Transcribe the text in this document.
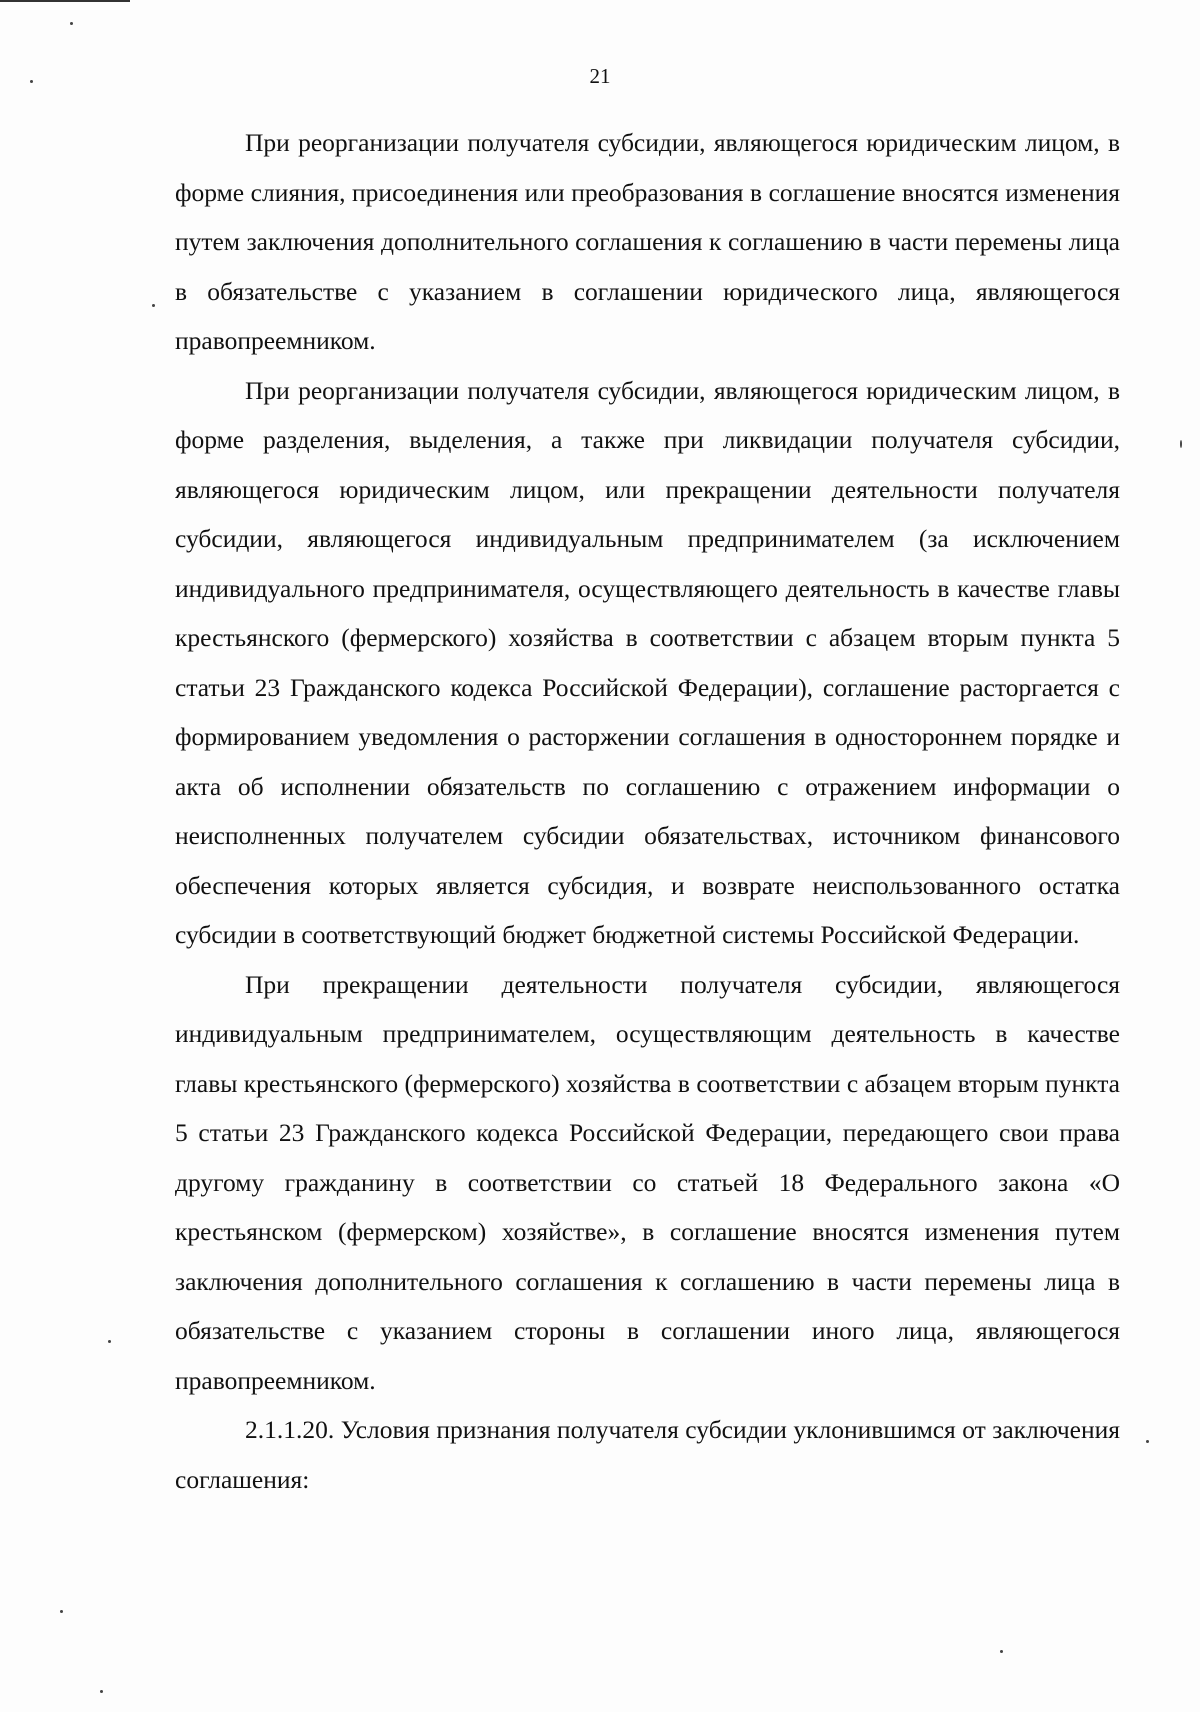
21

При реорганизации получателя субсидии, являющегося юридическим лицом, в форме слияния, присоединения или преобразования в соглашение вносятся изменения путем заключения дополнительного соглашения к соглашению в части перемены лица в обязательстве с указанием в соглашении юридического лица, являющегося правопреемником.

При реорганизации получателя субсидии, являющегося юридическим лицом, в форме разделения, выделения, а также при ликвидации получателя субсидии, являющегося юридическим лицом, или прекращении деятельности получателя субсидии, являющегося индивидуальным предпринимателем (за исключением индивидуального предпринимателя, осуществляющего деятельность в качестве главы крестьянского (фермерского) хозяйства в соответствии с абзацем вторым пункта 5 статьи 23 Гражданского кодекса Российской Федерации), соглашение расторгается с формированием уведомления о расторжении соглашения в одностороннем порядке и акта об исполнении обязательств по соглашению с отражением информации о неисполненных получателем субсидии обязательствах, источником финансового обеспечения которых является субсидия, и возврате неиспользованного остатка субсидии в соответствующий бюджет бюджетной системы Российской Федерации.

При прекращении деятельности получателя субсидии, являющегося индивидуальным предпринимателем, осуществляющим деятельность в качестве главы крестьянского (фермерского) хозяйства в соответствии с абзацем вторым пункта 5 статьи 23 Гражданского кодекса Российской Федерации, передающего свои права другому гражданину в соответствии со статьей 18 Федерального закона «О крестьянском (фермерском) хозяйстве», в соглашение вносятся изменения путем заключения дополнительного соглашения к соглашению в части перемены лица в обязательстве с указанием стороны в соглашении иного лица, являющегося правопреемником.

2.1.1.20. Условия признания получателя субсидии уклонившимся от заключения соглашения:
